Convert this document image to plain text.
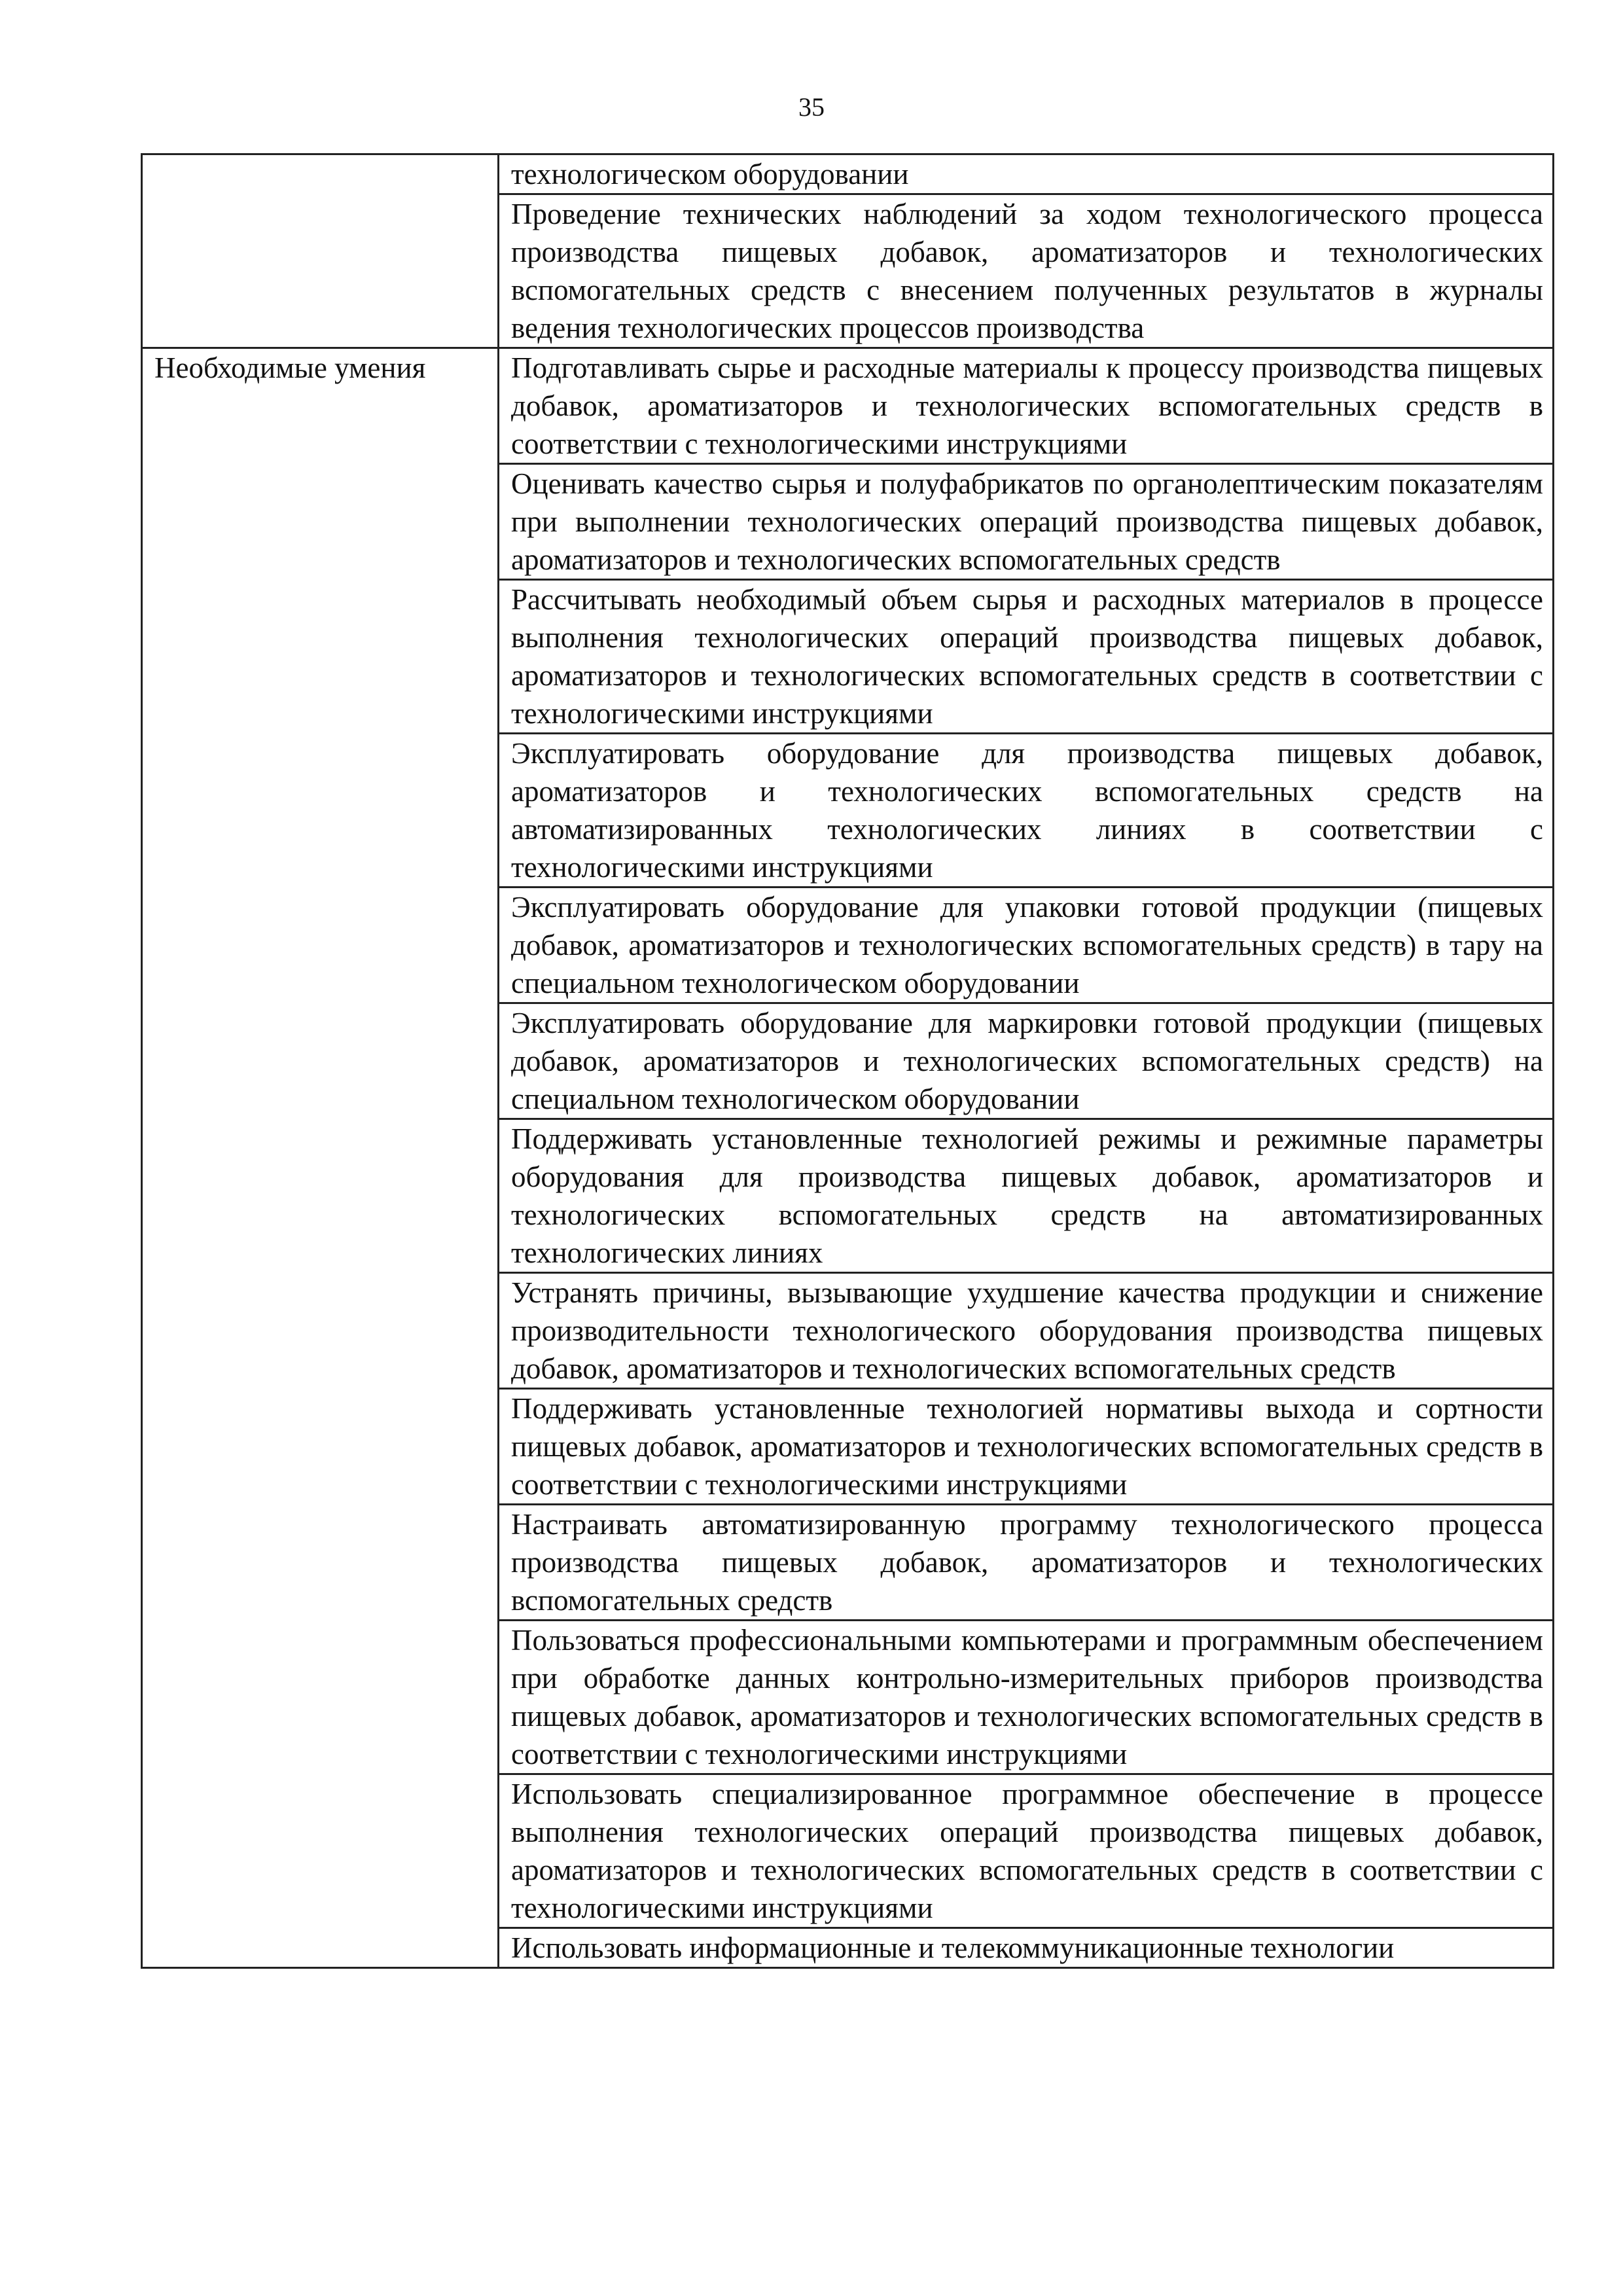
35

	технологическом оборудовании

	Проведение технических наблюдений за ходом технологического процесса производства пищевых добавок, ароматизаторов и технологических вспомогательных средств с внесением полученных результатов в журналы ведения технологических процессов производства

Необходимые умения	Подготавливать сырье и расходные материалы к процессу производства пищевых добавок, ароматизаторов и технологических вспомогательных средств в соответствии с технологическими инструкциями

	Оценивать качество сырья и полуфабрикатов по органолептическим показателям при выполнении технологических операций производства пищевых добавок, ароматизаторов и технологических вспомогательных средств

	Рассчитывать необходимый объем сырья и расходных материалов в процессе выполнения технологических операций производства пищевых добавок, ароматизаторов и технологических вспомогательных средств в соответствии с технологическими инструкциями

	Эксплуатировать оборудование для производства пищевых добавок, ароматизаторов и технологических вспомогательных средств на автоматизированных технологических линиях в соответствии с технологическими инструкциями

	Эксплуатировать оборудование для упаковки готовой продукции (пищевых добавок, ароматизаторов и технологических вспомогательных средств) в тару на специальном технологическом оборудовании

	Эксплуатировать оборудование для маркировки готовой продукции (пищевых добавок, ароматизаторов и технологических вспомогательных средств) на специальном технологическом оборудовании

	Поддерживать установленные технологией режимы и режимные параметры оборудования для производства пищевых добавок, ароматизаторов и технологических вспомогательных средств на автоматизированных технологических линиях

	Устранять причины, вызывающие ухудшение качества продукции и снижение производительности технологического оборудования производства пищевых добавок, ароматизаторов и технологических вспомогательных средств

	Поддерживать установленные технологией нормативы выхода и сортности пищевых добавок, ароматизаторов и технологических вспомогательных средств в соответствии с технологическими инструкциями

	Настраивать автоматизированную программу технологического процесса производства пищевых добавок, ароматизаторов и технологических вспомогательных средств

	Пользоваться профессиональными компьютерами и программным обеспечением при обработке данных контрольно-измерительных приборов производства пищевых добавок, ароматизаторов и технологических вспомогательных средств в соответствии с технологическими инструкциями

	Использовать специализированное программное обеспечение в процессе выполнения технологических операций производства пищевых добавок, ароматизаторов и технологических вспомогательных средств в соответствии с технологическими инструкциями

	Использовать информационные и телекоммуникационные технологии
